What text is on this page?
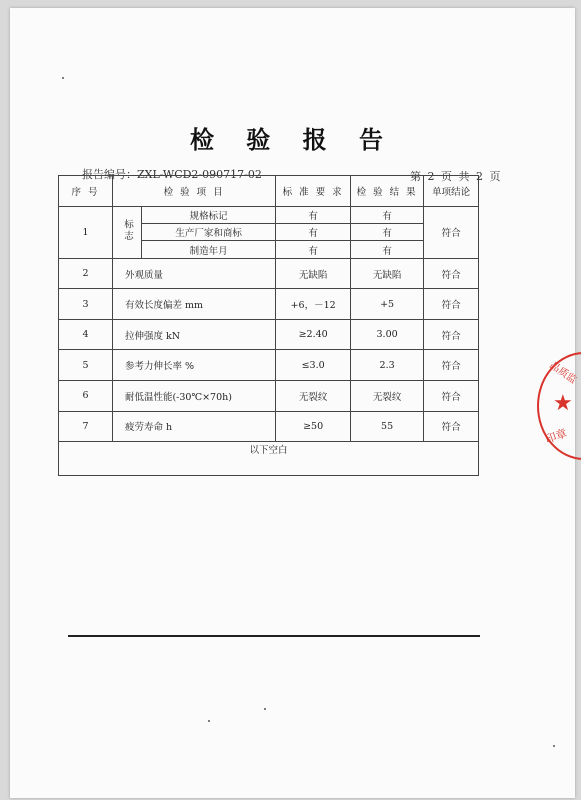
检 验 报 告
报告编号：ZXL-WCD2-090717-02	第 2 页 共 2 页
序 号	检 验 项 目		标 准 要 求	检 验 结 果	单项结论
1	标志	规格标记	有	有	符合
		生产厂家和商标	有	有	
		制造年月	有	有	
2	外观质量		无缺陷	无缺陷	符合
3	有效长度偏差 mm		+6，－12	+5	符合
4	拉伸强度 kN		≥2.40	3.00	符合
5	参考力伸长率 %		≤3.0	2.3	符合
6	耐低温性能(-30℃×70h)		无裂纹	无裂纹	符合
7	疲劳寿命 h		≥50	55	符合
以下空白					
品质监
★
印章
